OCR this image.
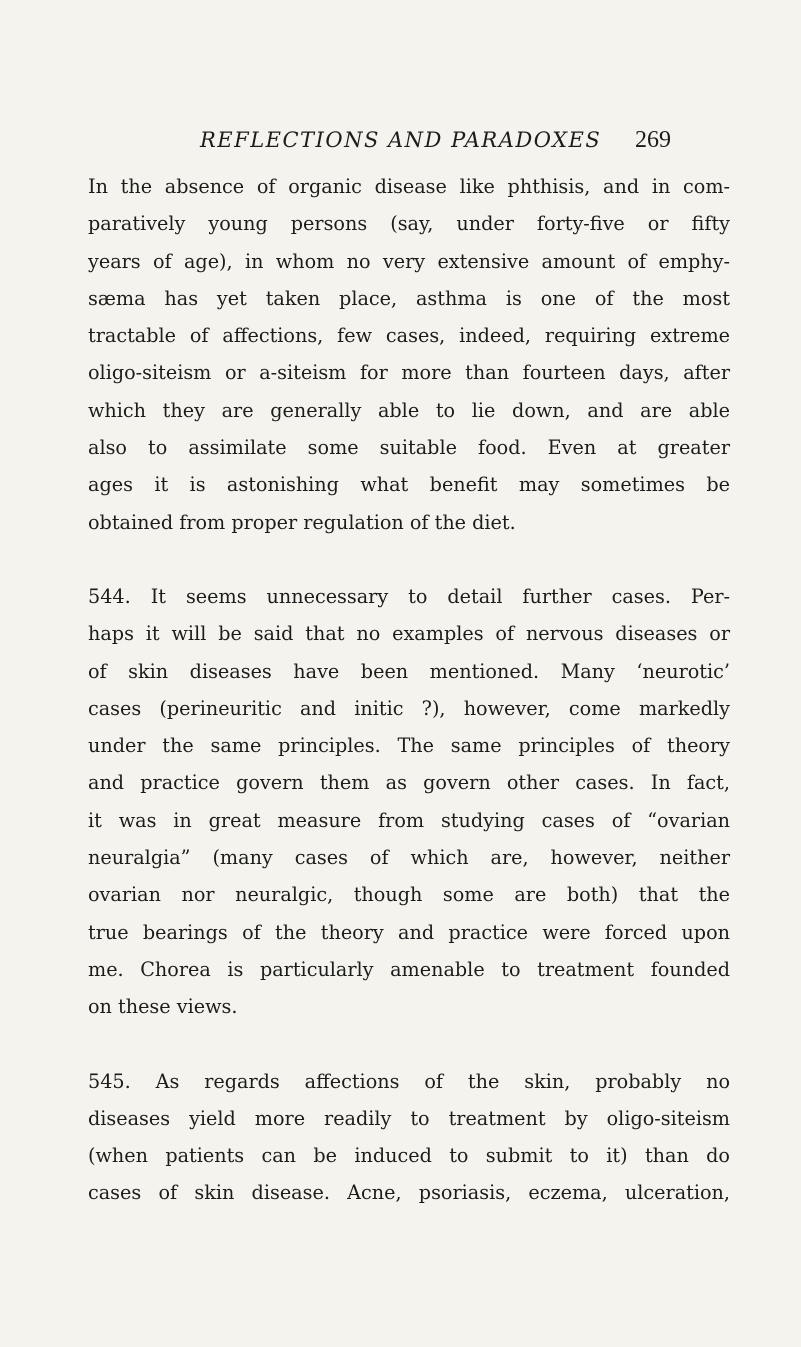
REFLECTIONS AND PARADOXES 269
In the absence of organic disease like phthisis, and in com-
paratively young persons (say, under forty-five or fifty
years of age), in whom no very extensive amount of emphy-
sæma has yet taken place, asthma is one of the most
tractable of affections, few cases, indeed, requiring extreme
oligo-siteism or a-siteism for more than fourteen days, after
which they are generally able to lie down, and are able
also to assimilate some suitable food. Even at greater
ages it is astonishing what benefit may sometimes be
obtained from proper regulation of the diet.
544. It seems unnecessary to detail further cases. Per-
haps it will be said that no examples of nervous diseases or
of skin diseases have been mentioned. Many ‘neurotic’
cases (perineuritic and initic ?), however, come markedly
under the same principles. The same principles of theory
and practice govern them as govern other cases. In fact,
it was in great measure from studying cases of “ovarian
neuralgia” (many cases of which are, however, neither
ovarian nor neuralgic, though some are both) that the
true bearings of the theory and practice were forced upon
me. Chorea is particularly amenable to treatment founded
on these views.
545. As regards affections of the skin, probably no
diseases yield more readily to treatment by oligo-siteism
(when patients can be induced to submit to it) than do
cases of skin disease. Acne, psoriasis, eczema, ulceration,
